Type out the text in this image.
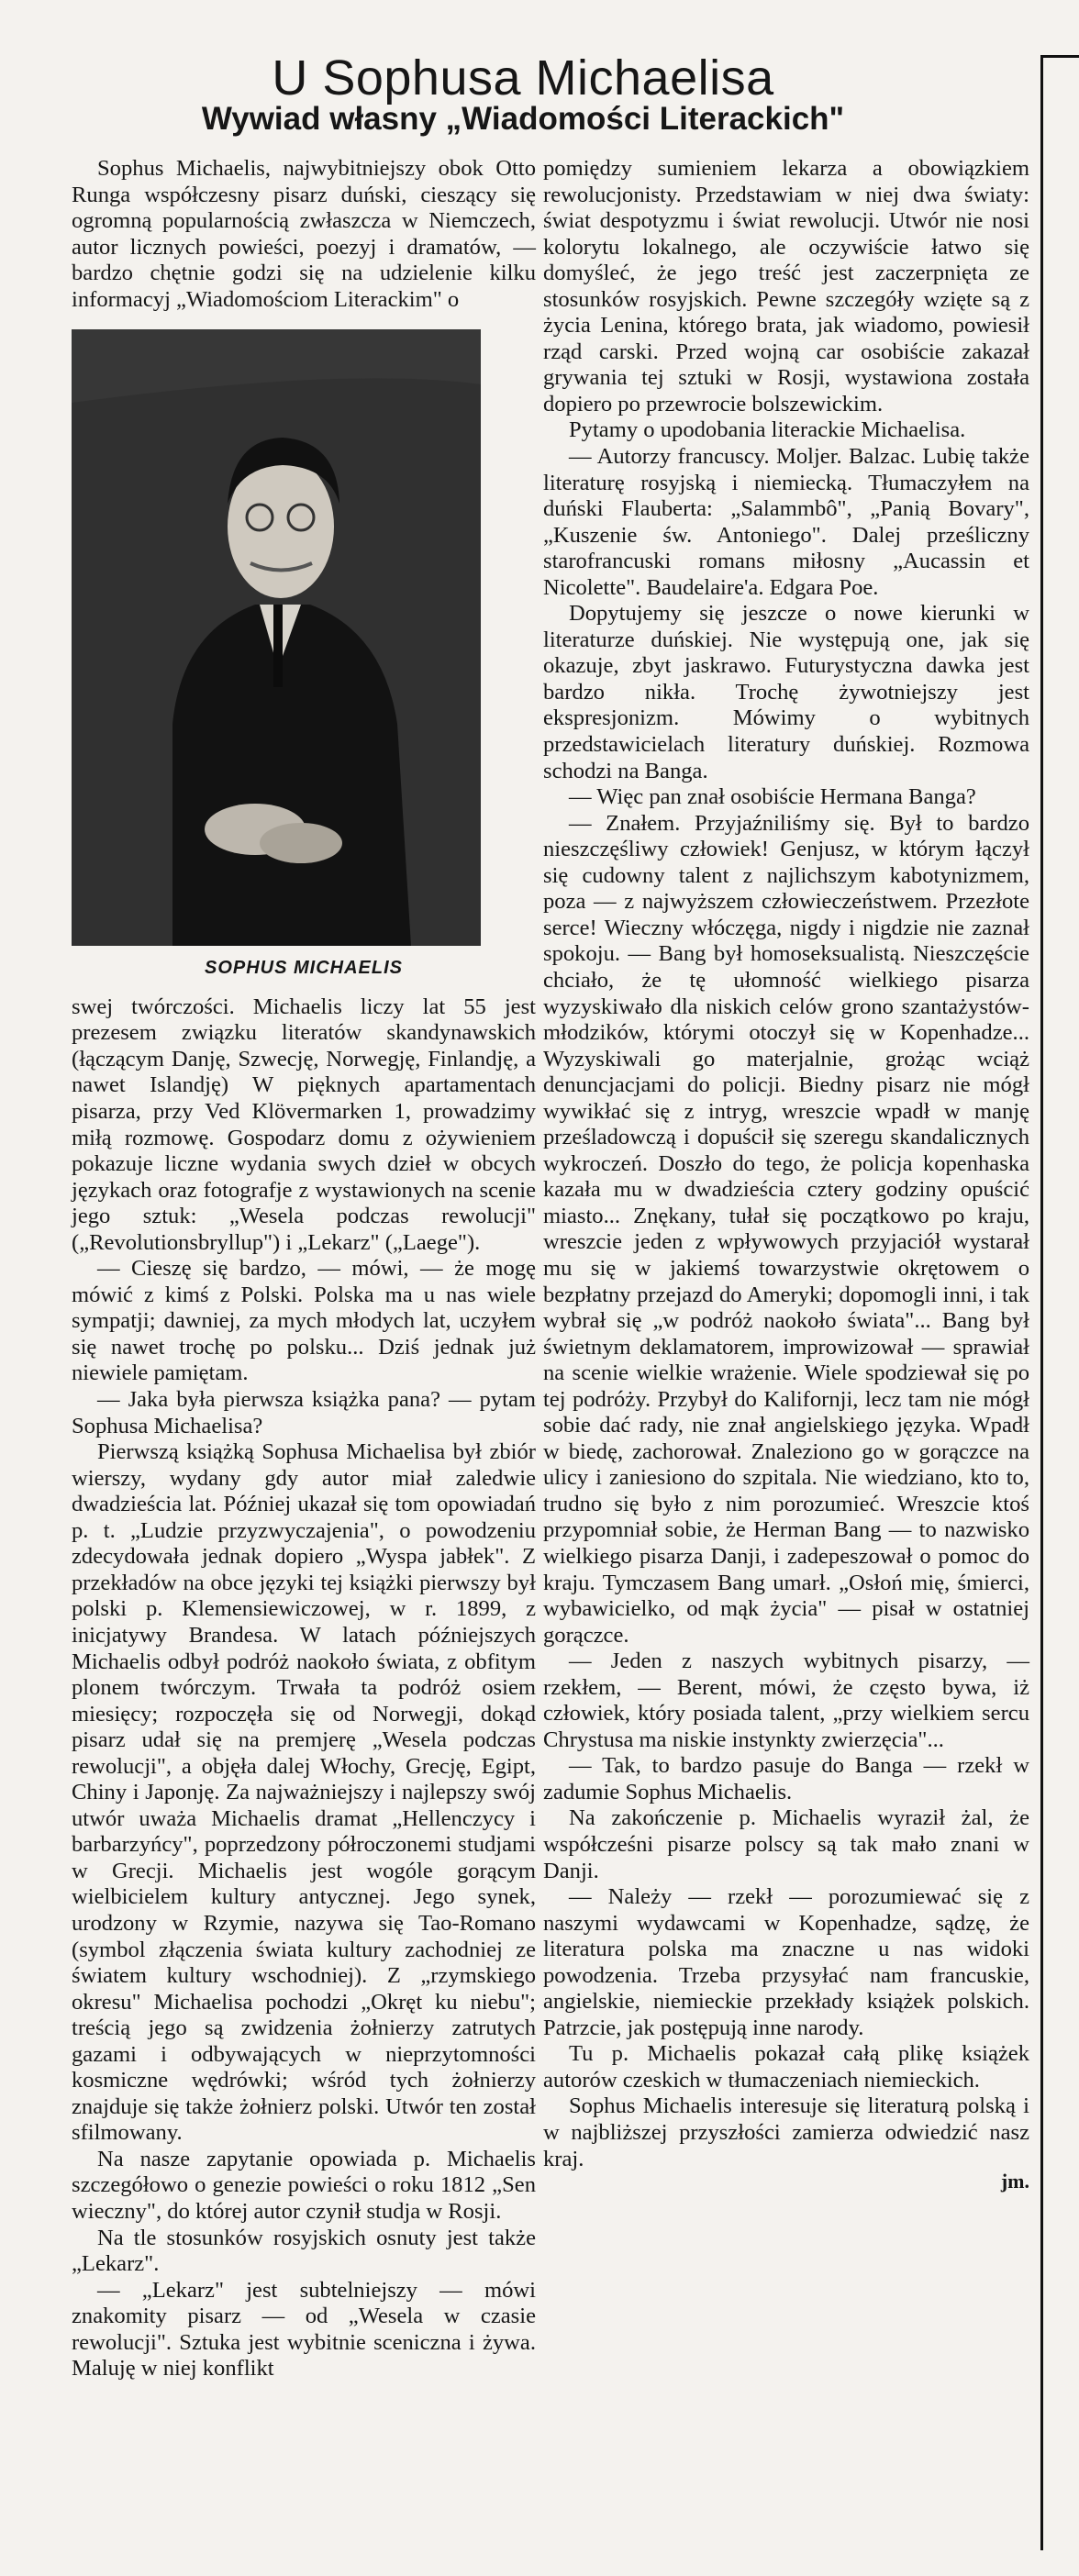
U Sophusa Michaelisa
Wywiad własny „Wiadomości Literackich"

Sophus Michaelis, najwybitniejszy obok Otto Runga współczesny pisarz duński, cieszący się ogromną popularnością zwłaszcza w Niemczech, autor licznych powieści, poezyj i dramatów, — bardzo chętnie godzi się na udzielenie kilku informacyj „Wiadomościom Literackim" o

SOPHUS MICHAELIS

swej twórczości. Michaelis liczy lat 55 jest prezesem związku literatów skandynawskich (łączącym Danję, Szwecję, Norwegję, Finlandję, a nawet Islandję) W pięknych apartamentach pisarza, przy Ved Klövermarken 1, prowadzimy miłą rozmowę. Gospodarz domu z ożywieniem pokazuje liczne wydania swych dzieł w obcych językach oraz fotografje z wystawionych na scenie jego sztuk: „Wesela podczas rewolucji" („Revolutionsbryllup") i „Lekarz" („Laege").

— Cieszę się bardzo, — mówi, — że mogę mówić z kimś z Polski. Polska ma u nas wiele sympatji; dawniej, za mych młodych lat, uczyłem się nawet trochę po polsku... Dziś jednak już niewiele pamiętam.

— Jaka była pierwsza książka pana? — pytam Sophusa Michaelisa?

Pierwszą książką Sophusa Michaelisa był zbiór wierszy, wydany gdy autor miał zaledwie dwadzieścia lat. Później ukazał się tom opowiadań p. t. „Ludzie przyzwyczajenia", o powodzeniu zdecydowała jednak dopiero „Wyspa jabłek". Z przekładów na obce języki tej książki pierwszy był polski p. Klemensiewiczowej, w r. 1899, z inicjatywy Brandesa. W latach późniejszych Michaelis odbył podróż naokoło świata, z obfitym plonem twórczym. Trwała ta podróż osiem miesięcy; rozpoczęła się od Norwegji, dokąd pisarz udał się na premjerę „Wesela podczas rewolucji", a objęła dalej Włochy, Grecję, Egipt, Chiny i Japonję. Za najważniejszy i najlepszy swój utwór uważa Michaelis dramat „Hellenczycy i barbarzyńcy", poprzedzony półroczonemi studjami w Grecji. Michaelis jest wogóle gorącym wielbicielem kultury antycznej. Jego synek, urodzony w Rzymie, nazywa się Tao-Romano (symbol złączenia świata kultury zachodniej ze światem kultury wschodniej). Z „rzymskiego okresu" Michaelisa pochodzi „Okręt ku niebu"; treścią jego są zwidzenia żołnierzy zatrutych gazami i odbywających w nieprzytomności kosmiczne wędrówki; wśród tych żołnierzy znajduje się także żołnierz polski. Utwór ten został sfilmowany.

Na nasze zapytanie opowiada p. Michaelis szczegółowo o genezie powieści o roku 1812 „Sen wieczny", do której autor czynił studja w Rosji.

Na tle stosunków rosyjskich osnuty jest także „Lekarz".

— „Lekarz" jest subtelniejszy — mówi znakomity pisarz — od „Wesela w czasie rewolucji". Sztuka jest wybitnie sceniczna i żywa. Maluję w niej konflikt

pomiędzy sumieniem lekarza a obowiązkiem rewolucjonisty. Przedstawiam w niej dwa światy: świat despotyzmu i świat rewolucji. Utwór nie nosi kolorytu lokalnego, ale oczywiście łatwo się domyśleć, że jego treść jest zaczerpnięta ze stosunków rosyjskich. Pewne szczegóły wzięte są z życia Lenina, którego brata, jak wiadomo, powiesił rząd carski. Przed wojną car osobiście zakazał grywania tej sztuki w Rosji, wystawiona została dopiero po przewrocie bolszewickim.

Pytamy o upodobania literackie Michaelisa.

— Autorzy francuscy. Moljer. Balzac. Lubię także literaturę rosyjską i niemiecką. Tłumaczyłem na duński Flauberta: „Salammbô", „Panią Bovary", „Kuszenie św. Antoniego". Dalej prześliczny starofrancuski romans miłosny „Aucassin et Nicolette". Baudelaire'a. Edgara Poe.

Dopytujemy się jeszcze o nowe kierunki w literaturze duńskiej. Nie występują one, jak się okazuje, zbyt jaskrawo. Futurystyczna dawka jest bardzo nikła. Trochę żywotniejszy jest ekspresjonizm. Mówimy o wybitnych przedstawicielach literatury duńskiej. Rozmowa schodzi na Banga.

— Więc pan znał osobiście Hermana Banga?

— Znałem. Przyjaźniliśmy się. Był to bardzo nieszczęśliwy człowiek! Genjusz, w którym łączył się cudowny talent z najlichszym kabotynizmem, poza — z najwyższem człowieczeństwem. Przezłote serce! Wieczny włóczęga, nigdy i nigdzie nie zaznał spokoju. — Bang był homoseksualistą. Nieszczęście chciało, że tę ułomność wielkiego pisarza wyzyskiwało dla niskich celów grono szantażystów-młodzików, którymi otoczył się w Kopenhadze... Wyzyskiwali go materjalnie, grożąc wciąż denuncjacjami do policji. Biedny pisarz nie mógł wywikłać się z intryg, wreszcie wpadł w manję prześladowczą i dopuścił się szeregu skandalicznych wykroczeń. Doszło do tego, że policja kopenhaska kazała mu w dwadzieścia cztery godziny opuścić miasto... Znękany, tułał się początkowo po kraju, wreszcie jeden z wpływowych przyjaciół wystarał mu się w jakiemś towarzystwie okrętowem o bezpłatny przejazd do Ameryki; dopomogli inni, i tak wybrał się „w podróż naokoło świata"... Bang był świetnym deklamatorem, improwizował — sprawiał na scenie wielkie wrażenie. Wiele spodziewał się po tej podróży. Przybył do Kalifornji, lecz tam nie mógł sobie dać rady, nie znał angielskiego języka. Wpadł w biedę, zachorował. Znaleziono go w gorączce na ulicy i zaniesiono do szpitala. Nie wiedziano, kto to, trudno się było z nim porozumieć. Wreszcie ktoś przypomniał sobie, że Herman Bang — to nazwisko wielkiego pisarza Danji, i zadepeszował o pomoc do kraju. Tymczasem Bang umarł. „Osłoń mię, śmierci, wybawicielko, od mąk życia" — pisał w ostatniej gorączce.

— Jeden z naszych wybitnych pisarzy, — rzekłem, — Berent, mówi, że często bywa, iż człowiek, który posiada talent, „przy wielkiem sercu Chrystusa ma niskie instynkty zwierzęcia"...

— Tak, to bardzo pasuje do Banga — rzekł w zadumie Sophus Michaelis.

Na zakończenie p. Michaelis wyraził żal, że współcześni pisarze polscy są tak mało znani w Danji.

— Należy — rzekł — porozumiewać się z naszymi wydawcami w Kopenhadze, sądzę, że literatura polska ma znaczne u nas widoki powodzenia. Trzeba przysyłać nam francuskie, angielskie, niemieckie przekłady książek polskich. Patrzcie, jak postępują inne narody.

Tu p. Michaelis pokazał całą plikę książek autorów czeskich w tłumaczeniach niemieckich.

Sophus Michaelis interesuje się literaturą polską i w najbliższej przyszłości zamierza odwiedzić nasz kraj.

jm.
